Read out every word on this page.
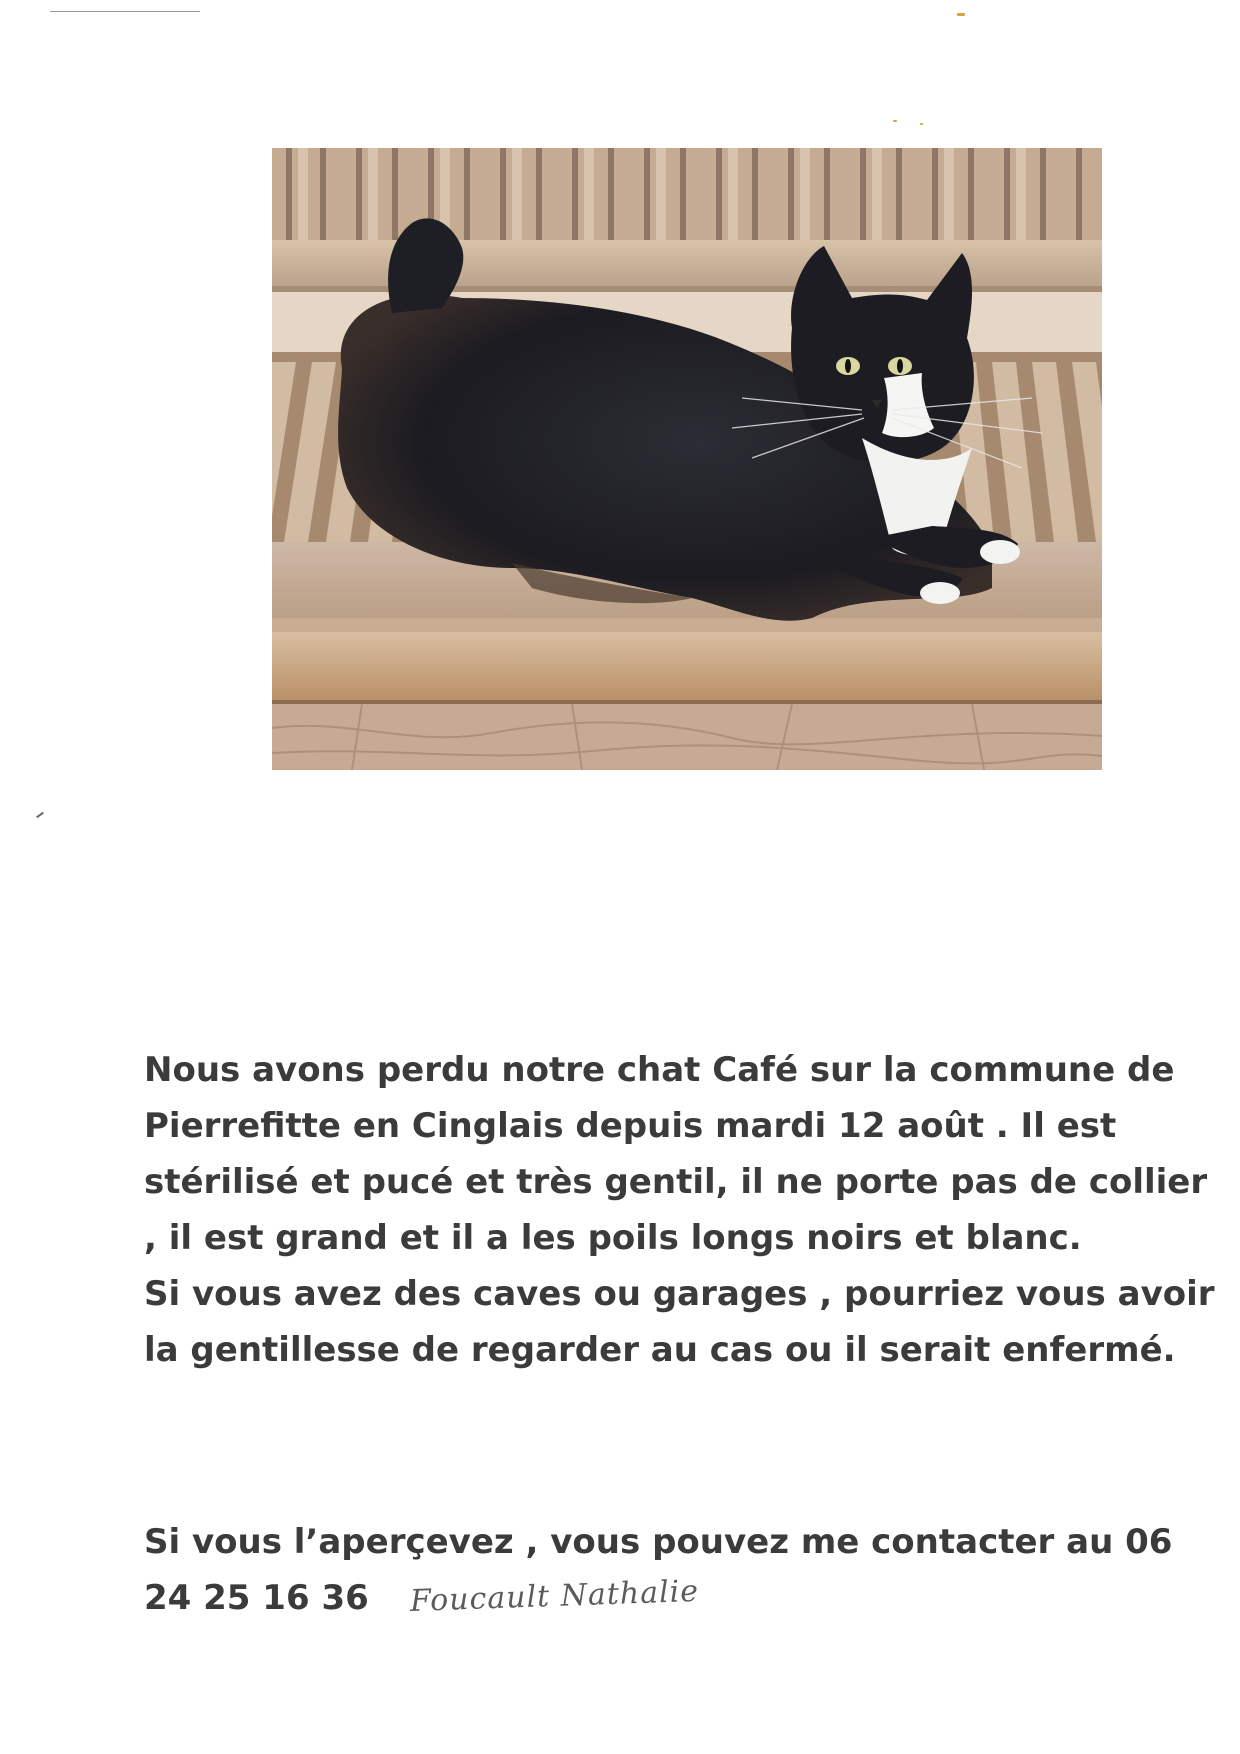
Nous avons perdu notre chat Café sur la commune de Pierrefitte en Cinglais depuis mardi 12 août . Il est stérilisé et pucé et très gentil, il ne porte pas de collier , il est grand et il a les poils longs noirs et blanc.
Si vous avez des caves ou garages , pourriez vous avoir la gentillesse de regarder au cas ou il serait enfermé.
Si vous l’aperçevez , vous pouvez me contacter au 06
24 25 16 36	Foucault Nathalie
